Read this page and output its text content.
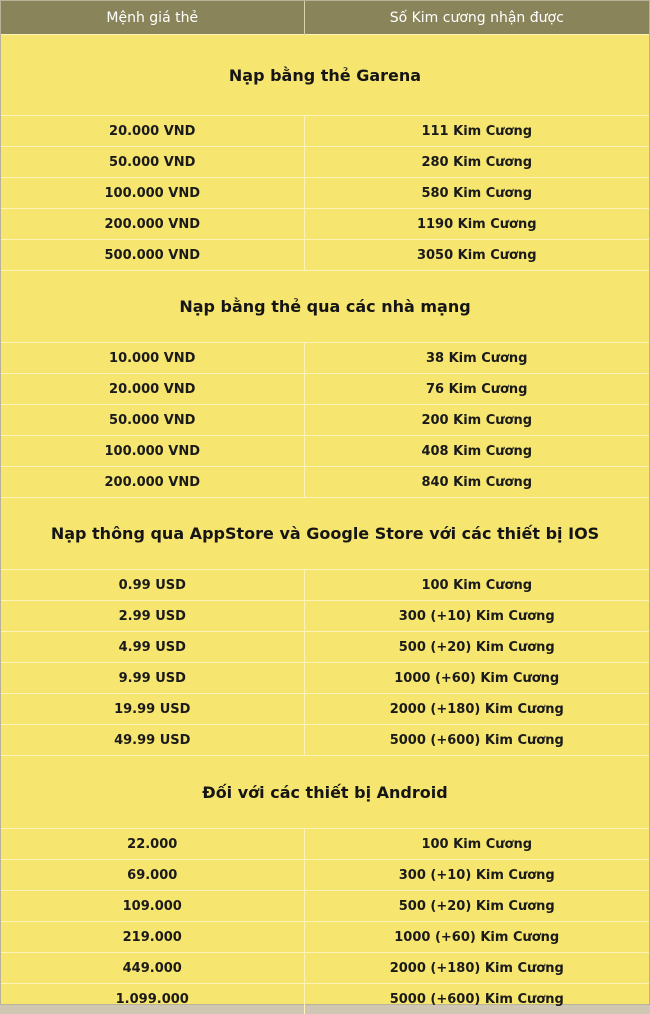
Mệnh giá thẻ	Số Kim cương nhận được
Nạp bằng thẻ Garena	
20.000 VND	111 Kim Cương
50.000 VND	280 Kim Cương
100.000 VND	580 Kim Cương
200.000 VND	1190 Kim Cương
500.000 VND	3050 Kim Cương
Nạp bằng thẻ qua các nhà mạng	
10.000 VND	38 Kim Cương
20.000 VND	76 Kim Cương
50.000 VND	200 Kim Cương
100.000 VND	408 Kim Cương
200.000 VND	840 Kim Cương
Nạp thông qua AppStore và Google Store với các thiết bị IOS	
0.99 USD	100 Kim Cương
2.99 USD	300 (+10) Kim Cương
4.99 USD	500 (+20) Kim Cương
9.99 USD	1000 (+60) Kim Cương
19.99 USD	2000 (+180) Kim Cương
49.99 USD	5000 (+600) Kim Cương
Đối với các thiết bị Android	
22.000	100 Kim Cương
69.000	300 (+10) Kim Cương
109.000	500 (+20) Kim Cương
219.000	1000 (+60) Kim Cương
449.000	2000 (+180) Kim Cương
1.099.000	5000 (+600) Kim Cương
